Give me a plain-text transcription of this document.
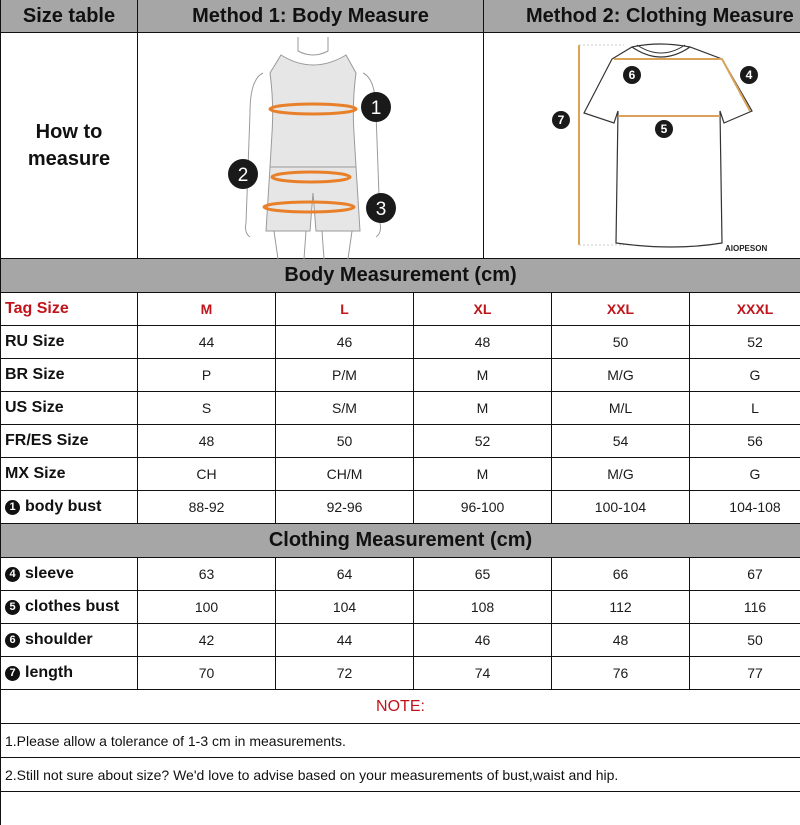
Size table	Method 1: Body Measure	Method 2: Clothing Measure
How to
measure
1
2
3
6	4
5
7
AIOPESON
Body Measurement (cm)
Tag Size	M	L	XL	XXL	XXXL
RU Size	44	46	48	50	52
BR Size	P	P/M	M	M/G	G
US Size	S	S/M	M	M/L	L
FR/ES Size	48	50	52	54	56
MX Size	CH	CH/M	M	M/G	G
1 body bust	88-92	92-96	96-100	100-104	104-108
Clothing Measurement (cm)
4 sleeve	63	64	65	66	67
5 clothes bust	100	104	108	112	116
6 shoulder	42	44	46	48	50
7 length	70	72	74	76	77
NOTE:
1.Please allow a tolerance of 1-3 cm in measurements.
2.Still not sure about size? We'd love to advise based on your measurements of bust,waist and hip.
